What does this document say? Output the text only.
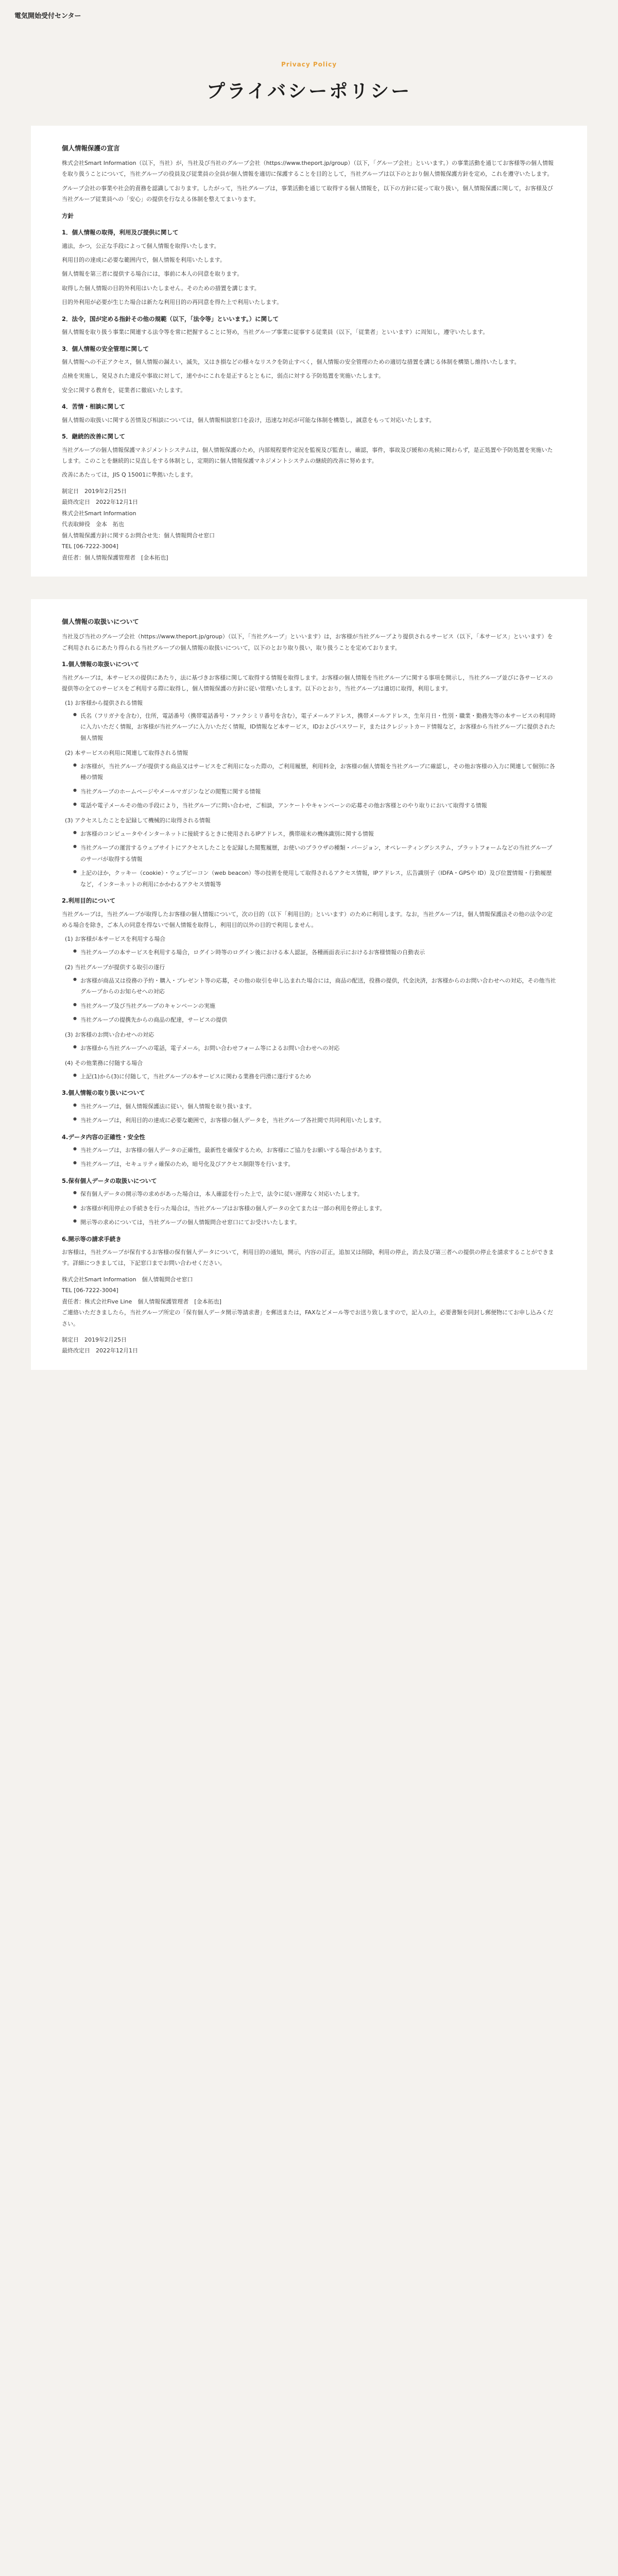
電気開始受付センター
Privacy Policy
プライバシーポリシー
個人情報保護の宣言

株式会社Smart Information（以下，当社）が，当社及び当社のグループ会社（https://www.theport.jp/group）（以下，「グループ会社」といいます。）の事業活動を通じてお客様等の個人情報を取り扱うことについて，当社グループの役員及び従業員の全員が個人情報を適切に保護することを目的として，当社グループは以下のとおり個人情報保護方針を定め，これを遵守いたします。

グループ会社の事業や社会的責務を認識しております。したがって，当社グループは，事業活動を通じて取得する個人情報を，以下の方針に従って取り扱い，個人情報保護に関して，お客様及び当社グループ従業員への「安心」の提供を行なえる体制を整えてまいります。

方針
1．個人情報の取得，利用及び提供に関して

適法，かつ，公正な手段によって個人情報を取得いたします。

利用目的の達成に必要な範囲内で，個人情報を利用いたします。

個人情報を第三者に提供する場合には，事前に本人の同意を取ります。

取得した個人情報の目的外利用はいたしません。そのための措置を講じます。

目的外利用が必要が生じた場合は新たな利用目的の再同意を得た上で利用いたします。

2．法令，国が定める指針その他の規範（以下，「法令等」といいます。）に関して

個人情報を取り扱う事業に関連する法令等を常に把握することに努め，当社グループ事業に従事する従業員（以下，「従業者」といいます）に周知し，遵守いたします。

3．個人情報の安全管理に関して

個人情報への不正アクセス，個人情報の漏えい，滅失，又はき損などの様々なリスクを防止すべく，個人情報の安全管理のための適切な措置を講じる体制を構築し維持いたします。

点検を実施し，発見された違反や事故に対して，速やかにこれを是正するとともに，弱点に対する予防処置を実施いたします。

安全に関する教育を，従業者に徹底いたします。

4．苦情・相談に関して

個人情報の取扱いに関する苦情及び相談については，個人情報相談窓口を設け，迅速な対応が可能な体制を構築し，誠意をもって対応いたします。

5．継続的改善に関して

当社グループの個人情報保護マネジメントシステムは，個人情報保護のため，内部規程要件定況を監視及び監査し，確認，事件，事故及び緩和の兆候に関わらず，是正処置や予防処置を実施いたします。このことを継続的に見直しをする体制とし，定期的に個人情報保護マネジメントシステムの継続的改善に努めます。

改善にあたっては，JIS Q 15001に準拠いたします。

制定日　2019年2月25日
最終改定日　2022年12月1日
株式会社Smart Information
代表取締役　金本　拓也
個人情報保護方針に関するお問合せ先：個人情報問合せ窓口
TEL [06-7222-3004]
責任者：個人情報保護管理者　[金本拓也]
個人情報の取扱いについて

当社及び当社のグループ会社（https://www.theport.jp/group）（以下，「当社グループ」といいます）は，お客様が当社グループより提供されるサービス（以下，「本サービス」といいます）をご利用されるにあたり得られる当社グループの個人情報の取扱いについて，以下のとおり取り扱い，取り扱うことを定めております。

1.個人情報の取扱いについて

当社グループは，本サービスの提供にあたり，法に基づきお客様に関して取得する情報を取得します。お客様の個人情報を当社グループに関する事項を開示し，当社グループ並びに各サービスの提供等の全てのサービスをご利用する際に取得し，個人情報保護の方針に従い管理いたします。以下のとおり，当社グループは適切に取得，利用します。

(1) お客様から提供される情報
● 氏名（フリガナを含む），住所，電話番号（携帯電話番号・ファクシミリ番号を含む），電子メールアドレス，携帯メールアドレス，生年月日・性別・職業・勤務先等の本サービスの利用時に入力いただく情報，お客様が当社グループに入力いただく情報，ID情報など本サービス，IDおよびパスワード，またはクレジットカード情報など，お客様から当社グループに提供された個人情報
(2) 本サービスの利用に関連して取得される情報
● お客様が，当社グループが提供する商品又はサービスをご利用になった際の，ご利用履歴，利用料金，お客様の個人情報を当社グループに確認し，その他お客様の入力に関連して個別に各種の情報
● 当社グループのホームページやメールマガジンなどの閲覧に関する情報
● 電話や電子メールその他の手段により，当社グループに問い合わせ，ご相談，アンケートやキャンペーンの応募その他お客様とのやり取りにおいて取得する情報
(3) アクセスしたことを記録して機械的に取得される情報
● お客様のコンピュータやインターネットに接続するときに使用されるIPアドレス，携帯端末の機体識別に関する情報
● 当社グループの運営するウェブサイトにアクセスしたことを記録した閲覧履歴，お使いのブラウザの種類・バージョン，オペレーティングシステム，プラットフォームなどの当社グループのサーバが取得する情報
● 上記のほか，クッキー（cookie）・ウェブビーコン（web beacon）等の技術を使用して取得されるアクセス情報，IPアドレス，広告識別子（IDFA・GPSや ID）及び位置情報・行動履歴など，インターネットの利用にかかわるアクセス情報等
2.利用目的について

当社グループは，当社グループが取得したお客様の個人情報について，次の目的（以下「利用目的」といいます）のために利用します。なお，当社グループは，個人情報保護法その他の法令の定める場合を除き，ご本人の同意を得ないで個人情報を取得し，利用目的以外の目的で利用しません。

(1) お客様が本サービスを利用する場合
● 当社グループの本サービスを利用する場合，ログイン時等のログイン後における本人認証，各種画面表示におけるお客様情報の自動表示
(2) 当社グループが提供する取引の遂行
● お客様が商品又は役務の予約・購入・プレゼント等の応募，その他の取引を申し込まれた場合には，商品の配送，役務の提供，代金決済，お客様からのお問い合わせへの対応，その他当社グループからのお知らせへの対応
● 当社グループ及び当社グループのキャンペーンの実施
● 当社グループの提携先からの商品の配達，サービスの提供
(3) お客様のお問い合わせへの対応
● お客様から当社グループへの電話，電子メール，お問い合わせフォーム等によるお問い合わせへの対応
(4) その他業務に付随する場合
● 上記(1)から(3)に付随して，当社グループの本サービスに関わる業務を円滑に遂行するため
3.個人情報の取り扱いについて
● 当社グループは，個人情報保護法に従い，個人情報を取り扱います。
● 当社グループは，利用目的の達成に必要な範囲で，お客様の個人データを，当社グループ各社間で共同利用いたします。
4.データ内容の正確性・安全性
● 当社グループは，お客様の個人データの正確性，最新性を確保するため，お客様にご協力をお願いする場合があります。
● 当社グループは，セキュリティ確保のため，暗号化及びアクセス制限等を行います。
5.保有個人データの取扱いについて
● 保有個人データの開示等の求めがあった場合は，本人確認を行った上で，法令に従い遅滞なく対応いたします。
● お客様が利用停止の手続きを行った場合は，当社グループはお客様の個人データの全てまたは一部の利用を停止します。
● 開示等の求めについては，当社グループの個人情報問合せ窓口にてお受けいたします。
6.開示等の請求手続き

お客様は，当社グループが保有するお客様の保有個人データについて，利用目的の通知，開示，内容の訂正，追加又は削除，利用の停止，消去及び第三者への提供の停止を請求することができます。詳細につきましては，下記窓口までお問い合わせください。

株式会社Smart Information　個人情報問合せ窓口
TEL [06-7222-3004]
責任者：株式会社Five Line　個人情報保護管理者　[金本拓也]

ご連絡いただきましたら，当社グループ所定の「保有個人データ開示等請求書」を郵送または，FAXなどメール等でお送り致しますので，記入の上，必要書類を同封し郵便物にてお申し込みください。

制定日　2019年2月25日
最終改定日　2022年12月1日
